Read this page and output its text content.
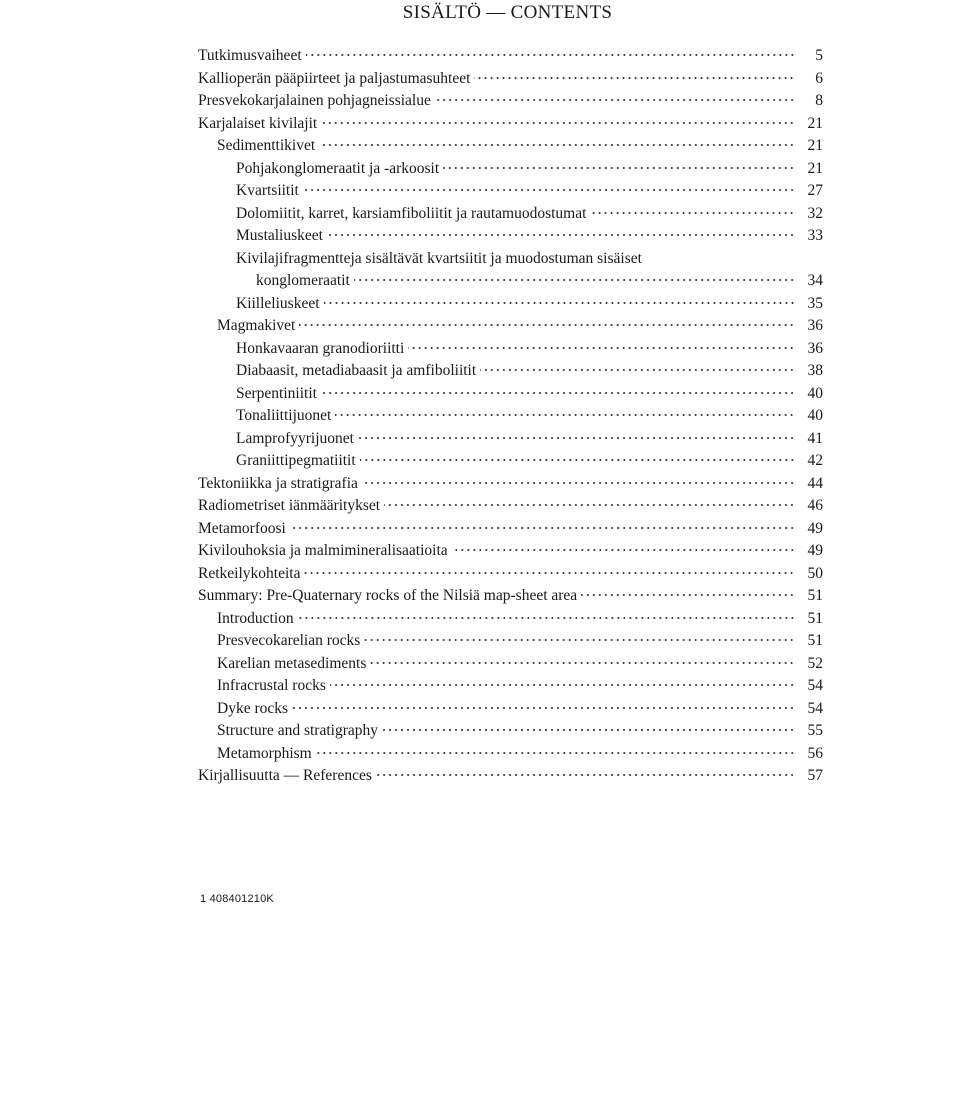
SISÄLTÖ — CONTENTS
Tutkimusvaiheet	5
Kallioperän pääpiirteet ja paljastumasuhteet	6
Presvekokarjalainen pohjagneissialue	8
Karjalaiset kivilajit	21
Sedimenttikivet	21
Pohjakonglomeraatit ja -arkoosit	21
Kvartsiitit	27
Dolomiitit, karret, karsiamfiboliitit ja rautamuodostumat	32
Mustaliuskeet	33
Kivilajifragmentteja sisältävät kvartsiitit ja muodostuman sisäiset
konglomeraatit	34
Kiilleliuskeet	35
Magmakivet	36
Honkavaaran granodioriitti	36
Diabaasit, metadiabaasit ja amfiboliitit	38
Serpentiniitit	40
Tonaliittijuonet	40
Lamprofyyrijuonet	41
Graniittipegmatiitit	42
Tektoniikka ja stratigrafia	44
Radiometriset iänmääritykset	46
Metamorfoosi	49
Kivilouhoksia ja malmimineralisaatioita	49
Retkeilykohteita	50
Summary: Pre-Quaternary rocks of the Nilsiä map-sheet area	51
Introduction	51
Presvecokarelian rocks	51
Karelian metasediments	52
Infracrustal rocks	54
Dyke rocks	54
Structure and stratigraphy	55
Metamorphism	56
Kirjallisuutta — References	57
1 408401210K
